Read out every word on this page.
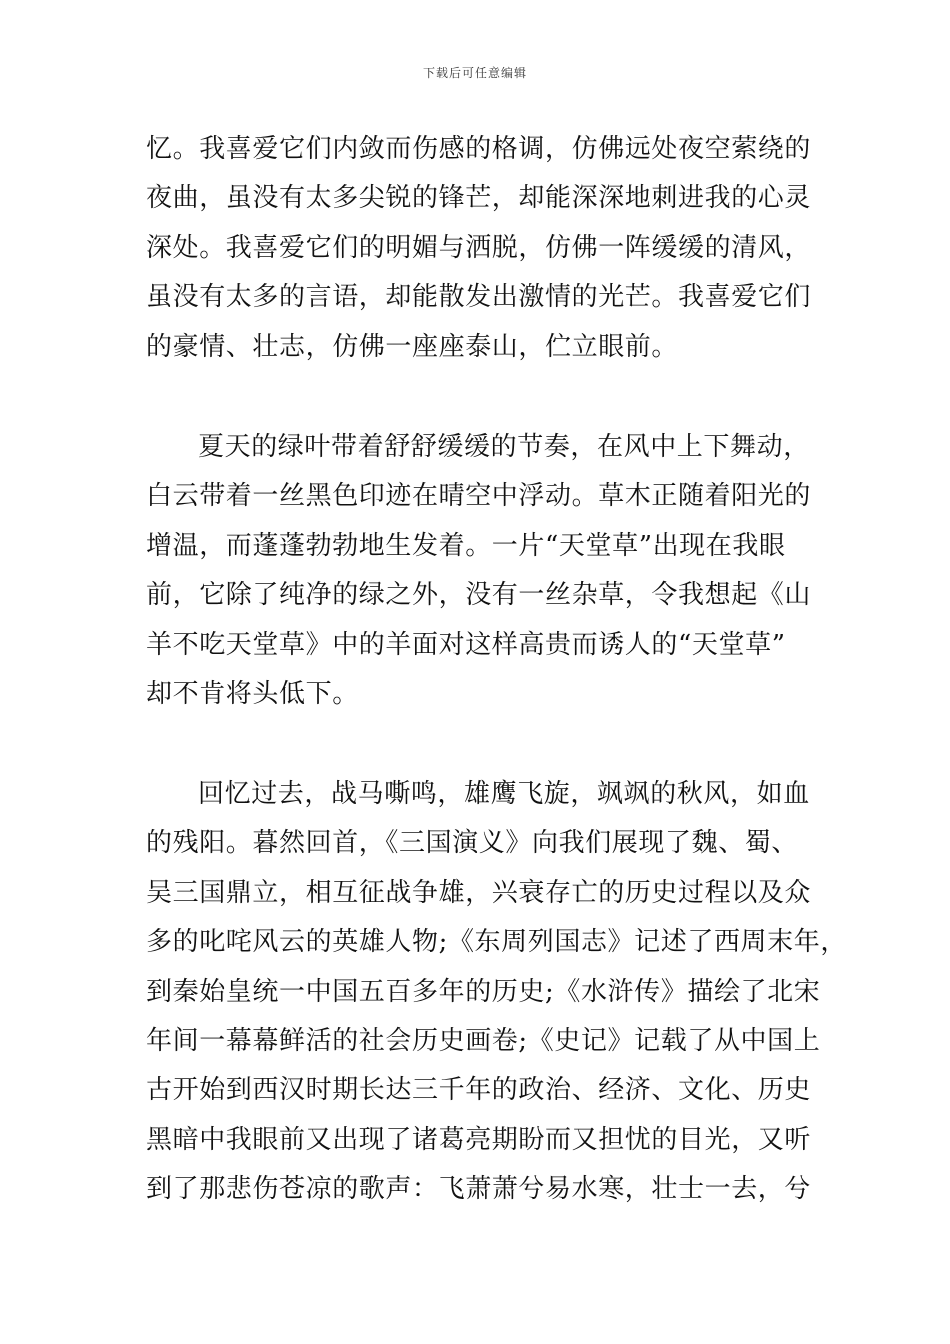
下载后可任意编辑
忆。我喜爱它们内敛而伤感的格调，仿佛远处夜空萦绕的
夜曲，虽没有太多尖锐的锋芒，却能深深地刺进我的心灵
深处。我喜爱它们的明媚与洒脱，仿佛一阵缓缓的清风，
虽没有太多的言语，却能散发出激情的光芒。我喜爱它们
的豪情、壮志，仿佛一座座泰山，伫立眼前。
夏天的绿叶带着舒舒缓缓的节奏，在风中上下舞动，
白云带着一丝黑色印迹在晴空中浮动。草木正随着阳光的
增温，而蓬蓬勃勃地生发着。一片“天堂草”出现在我眼
前，它除了纯净的绿之外，没有一丝杂草，令我想起《山
羊不吃天堂草》中的羊面对这样高贵而诱人的“天堂草”
却不肯将头低下。
回忆过去，战马嘶鸣，雄鹰飞旋，飒飒的秋风，如血
的残阳。暮然回首，《三国演义》向我们展现了魏、蜀、
吴三国鼎立，相互征战争雄，兴衰存亡的历史过程以及众
多的叱咤风云的英雄人物;《东周列国志》记述了西周末年，
到秦始皇统一中国五百多年的历史;《水浒传》描绘了北宋
年间一幕幕鲜活的社会历史画卷;《史记》记载了从中国上
古开始到西汉时期长达三千年的政治、经济、文化、历史
黑暗中我眼前又出现了诸葛亮期盼而又担忧的目光，又听
到了那悲伤苍凉的歌声：飞萧萧兮易水寒，壮士一去，兮
